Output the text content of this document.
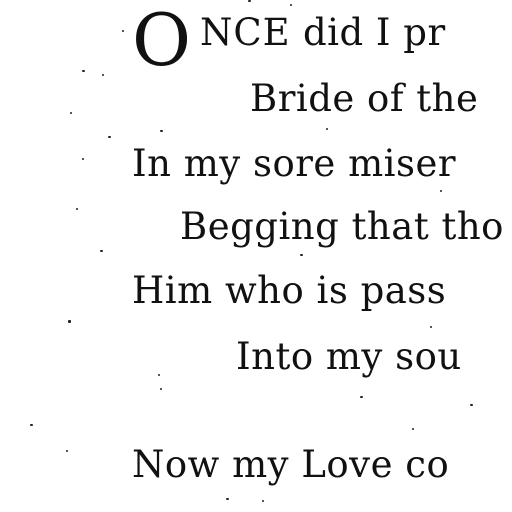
O NCE did I pr
Bride of the
In my sore miser
Begging that tho
Him who is pass
Into my sou
Now my Love co
